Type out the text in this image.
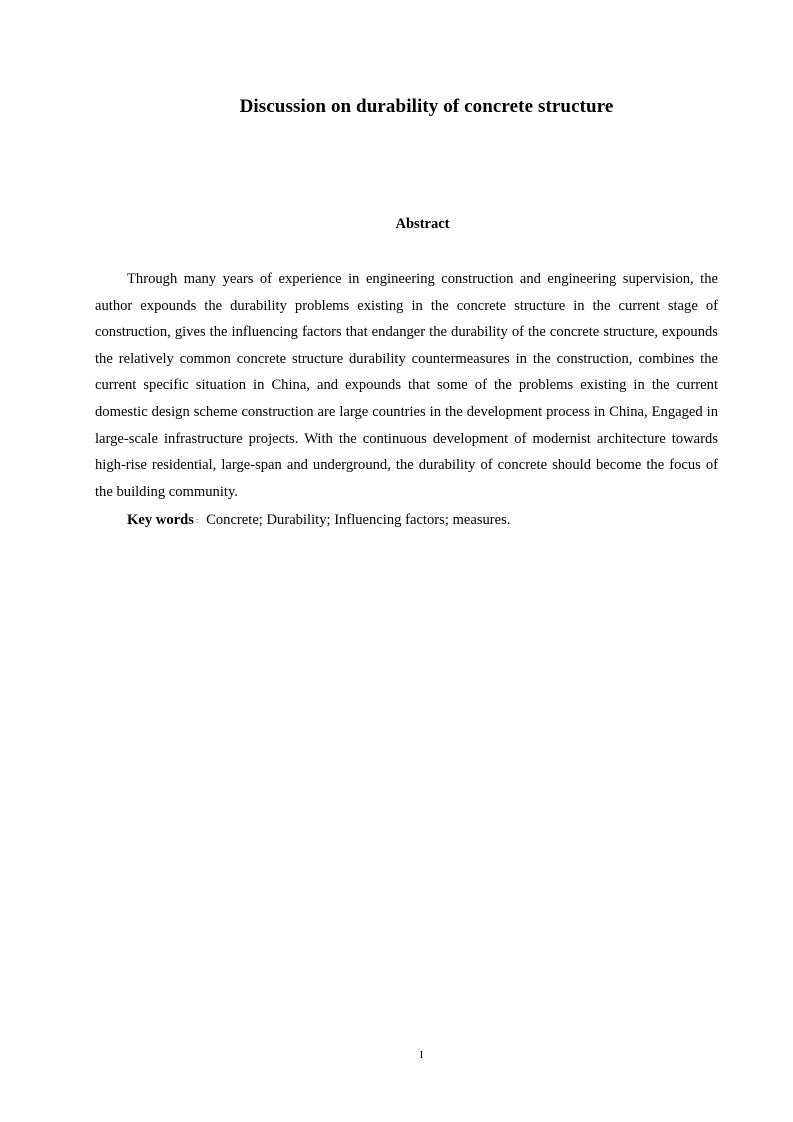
Discussion on durability of concrete structure
Abstract

Through many years of experience in engineering construction and engineering supervision, the author expounds the durability problems existing in the concrete structure in the current stage of construction, gives the influencing factors that endanger the durability of the concrete structure, expounds the relatively common concrete structure durability countermeasures in the construction, combines the current specific situation in China, and expounds that some of the problems existing in the current domestic design scheme construction are large countries in the development process in China, Engaged in large-scale infrastructure projects. With the continuous development of modernist architecture towards high-rise residential, large-span and underground, the durability of concrete should become the focus of the building community.

Key words : Concrete; Durability; Influencing factors; measures.
I
